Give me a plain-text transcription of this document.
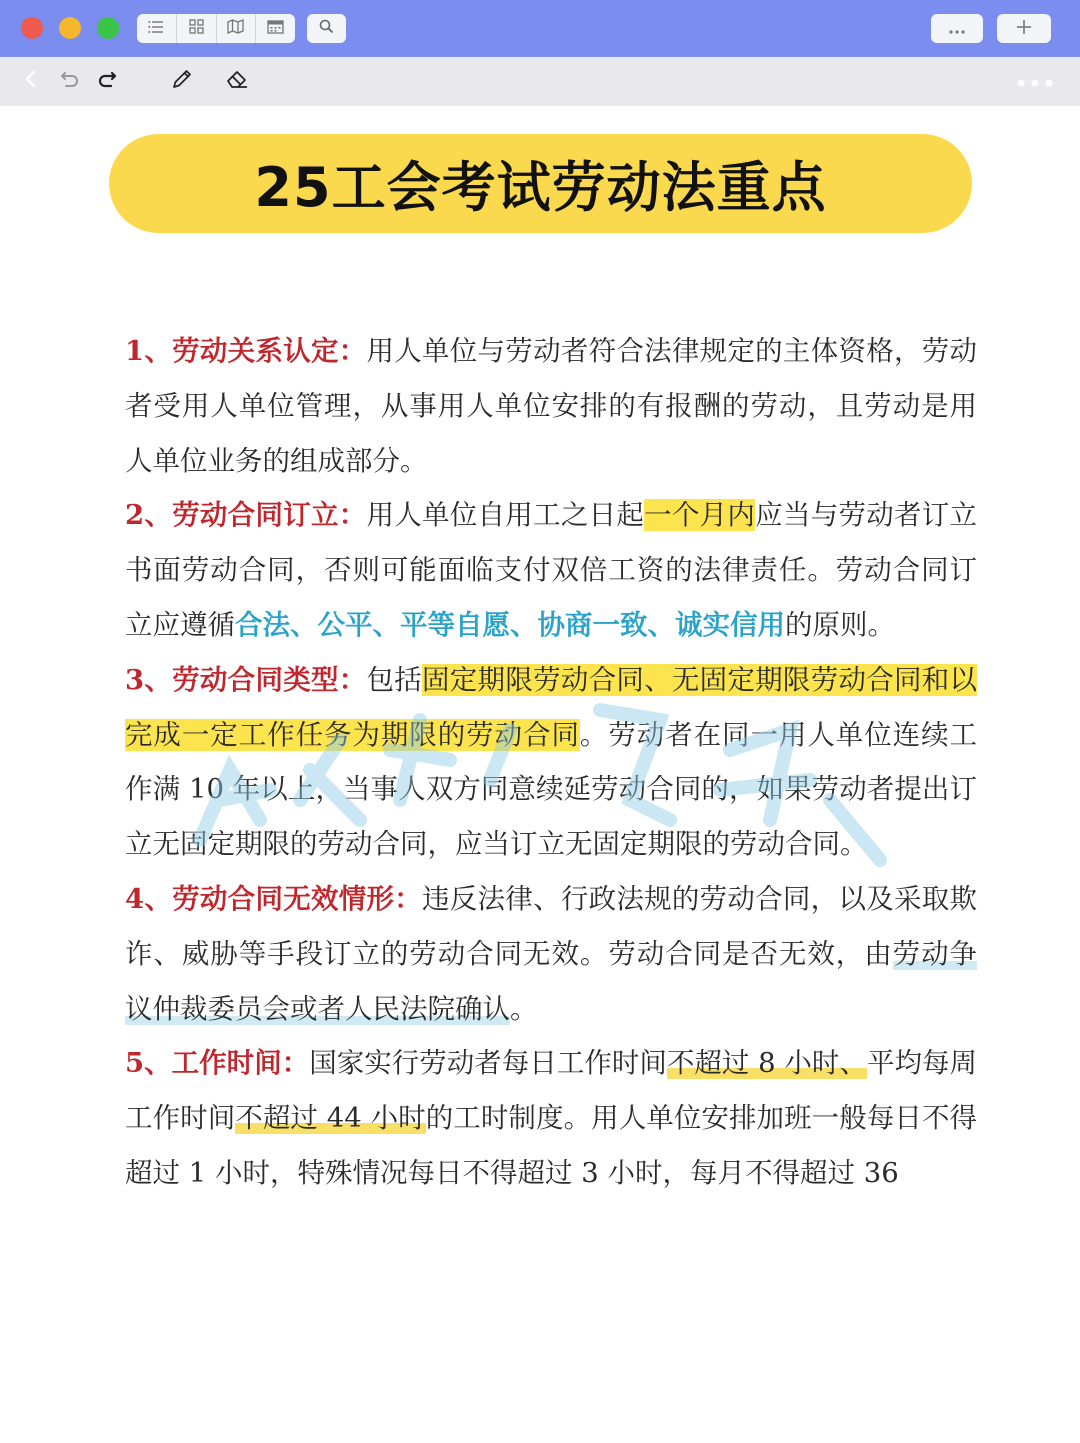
25工会考试劳动法重点

1、劳动关系认定：用人单位与劳动者符合法律规定的主体资格，劳动者受用人单位管理，从事用人单位安排的有报酬的劳动，且劳动是用人单位业务的组成部分。

2、劳动合同订立：用人单位自用工之日起一个月内应当与劳动者订立书面劳动合同，否则可能面临支付双倍工资的法律责任。劳动合同订立应遵循合法、公平、平等自愿、协商一致、诚实信用的原则。

3、劳动合同类型：包括固定期限劳动合同、无固定期限劳动合同和以完成一定工作任务为期限的劳动合同。劳动者在同一用人单位连续工作满 10 年以上，当事人双方同意续延劳动合同的，如果劳动者提出订立无固定期限的劳动合同，应当订立无固定期限的劳动合同。

4、劳动合同无效情形：违反法律、行政法规的劳动合同，以及采取欺诈、威胁等手段订立的劳动合同无效。劳动合同是否无效，由劳动争议仲裁委员会或者人民法院确认。

5、工作时间：国家实行劳动者每日工作时间不超过 8 小时、平均每周工作时间不超过 44 小时的工时制度。用人单位安排加班一般每日不得超过 1 小时，特殊情况每日不得超过 3 小时，每月不得超过 36
